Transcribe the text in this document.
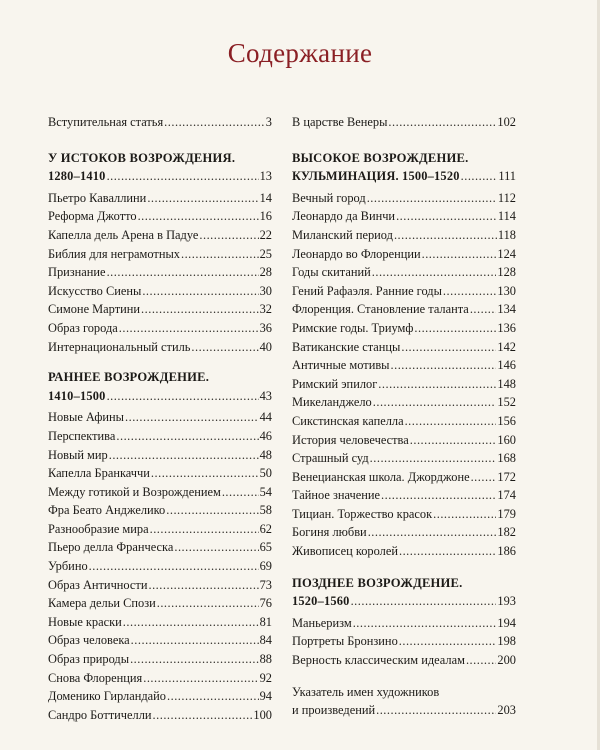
Содержание
Вступительная статья .....	3
У ИСТОКОВ ВОЗРОЖДЕНИЯ.
1280–1410 .....	13
Пьетро Каваллини .....	14
Реформа Джотто .....	16
Капелла дель Арена в Падуе .....	22
Библия для неграмотных .....	25
Признание .....	28
Искусство Сиены .....	30
Симоне Мартини .....	32
Образ города .....	36
Интернациональный стиль .....	40
РАННЕЕ ВОЗРОЖДЕНИЕ.
1410–1500 .....	43
Новые Афины .....	44
Перспектива .....	46
Новый мир .....	48
Капелла Бранкаччи .....	50
Между готикой и Возрождением .....	54
Фра Беато Анджелико .....	58
Разнообразие мира .....	62
Пьеро делла Франческа .....	65
Урбино .....	69
Образ Античности .....	73
Камера дельи Спози .....	76
Новые краски .....	81
Образ человека .....	84
Образ природы .....	88
Снова Флоренция .....	92
Доменико Гирландайо .....	94
Сандро Боттичелли .....	100
В царстве Венеры .....	102
ВЫСОКОЕ ВОЗРОЖДЕНИЕ.
КУЛЬМИНАЦИЯ. 1500–1520 .....	111
Вечный город .....	112
Леонардо да Винчи .....	114
Миланский период .....	118
Леонардо во Флоренции .....	124
Годы скитаний .....	128
Гений Рафаэля. Ранние годы .....	130
Флоренция. Становление таланта ..... 134
Римские годы. Триумф .....	136
Ватиканские станцы .....	142
Античные мотивы .....	146
Римский эпилог .....	148
Микеланджело .....	152
Сикстинская капелла .....	156
История человечества .....	160
Страшный суд .....	168
Венецианская школа. Джорджоне ..... 172
Тайное значение .....	174
Тициан. Торжество красок .....	179
Богиня любви .....	182
Живописец королей .....	186
ПОЗДНЕЕ ВОЗРОЖДЕНИЕ.
1520–1560 .....	193
Маньеризм .....	194
Портреты Бронзино .....	198
Верность классическим идеалам .....	200
Указатель имен художников
и произведений .....	203
